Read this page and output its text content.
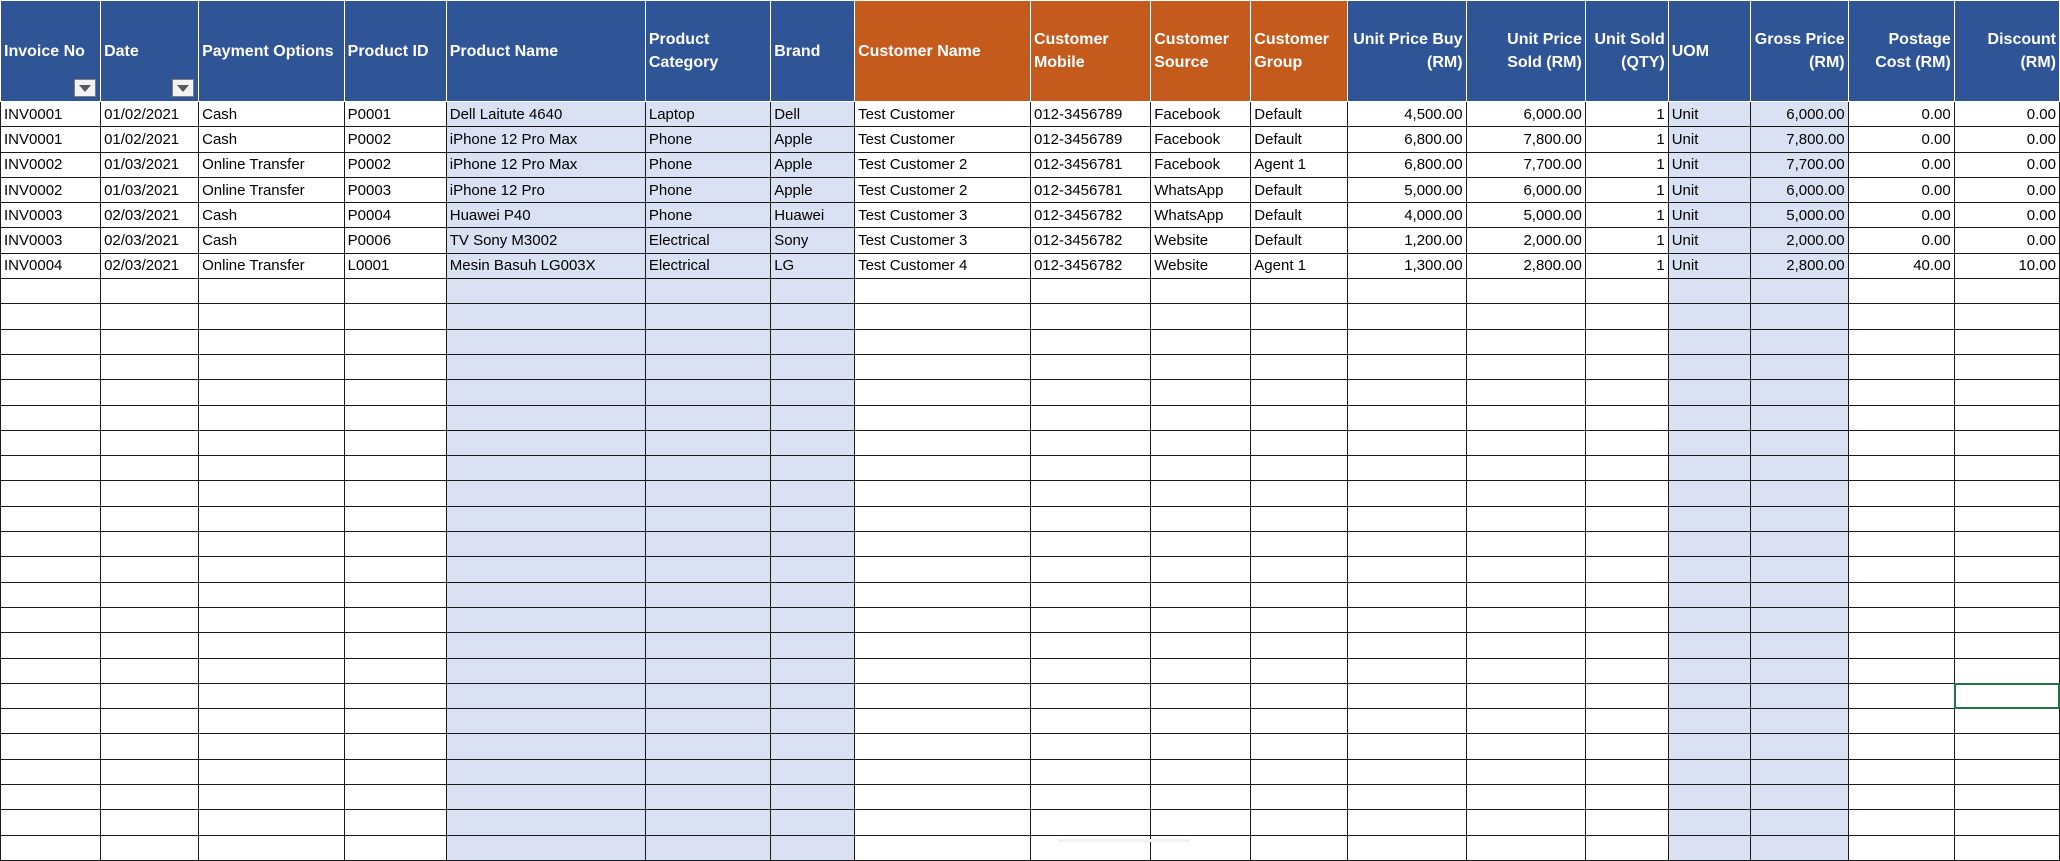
Invoice No	Date	Payment Options	Product ID	Product Name	Product Category	Brand	Customer Name	Customer Mobile	Customer Source	Customer Group	Unit Price Buy (RM)	Unit Price Sold (RM)	Unit Sold (QTY)	UOM	Gross Price (RM)	Postage Cost (RM)	Discount (RM)

INV0001	01/02/2021	Cash	P0001	Dell Laitute 4640	Laptop	Dell	Test Customer	012-3456789	Facebook	Default	4,500.00	6,000.00	1	Unit	6,000.00	0.00	0.00
INV0001	01/02/2021	Cash	P0002	iPhone 12 Pro Max	Phone	Apple	Test Customer	012-3456789	Facebook	Default	6,800.00	7,800.00	1	Unit	7,800.00	0.00	0.00
INV0002	01/03/2021	Online Transfer	P0002	iPhone 12 Pro Max	Phone	Apple	Test Customer 2	012-3456781	Facebook	Agent 1	6,800.00	7,700.00	1	Unit	7,700.00	0.00	0.00
INV0002	01/03/2021	Online Transfer	P0003	iPhone 12 Pro	Phone	Apple	Test Customer 2	012-3456781	WhatsApp	Default	5,000.00	6,000.00	1	Unit	6,000.00	0.00	0.00
INV0003	02/03/2021	Cash	P0004	Huawei P40	Phone	Huawei	Test Customer 3	012-3456782	WhatsApp	Default	4,000.00	5,000.00	1	Unit	5,000.00	0.00	0.00
INV0003	02/03/2021	Cash	P0006	TV Sony M3002	Electrical	Sony	Test Customer 3	012-3456782	Website	Default	1,200.00	2,000.00	1	Unit	2,000.00	0.00	0.00
INV0004	02/03/2021	Online Transfer	L0001	Mesin Basuh LG003X	Electrical	LG	Test Customer 4	012-3456782	Website	Agent 1	1,300.00	2,800.00	1	Unit	2,800.00	40.00	10.00
